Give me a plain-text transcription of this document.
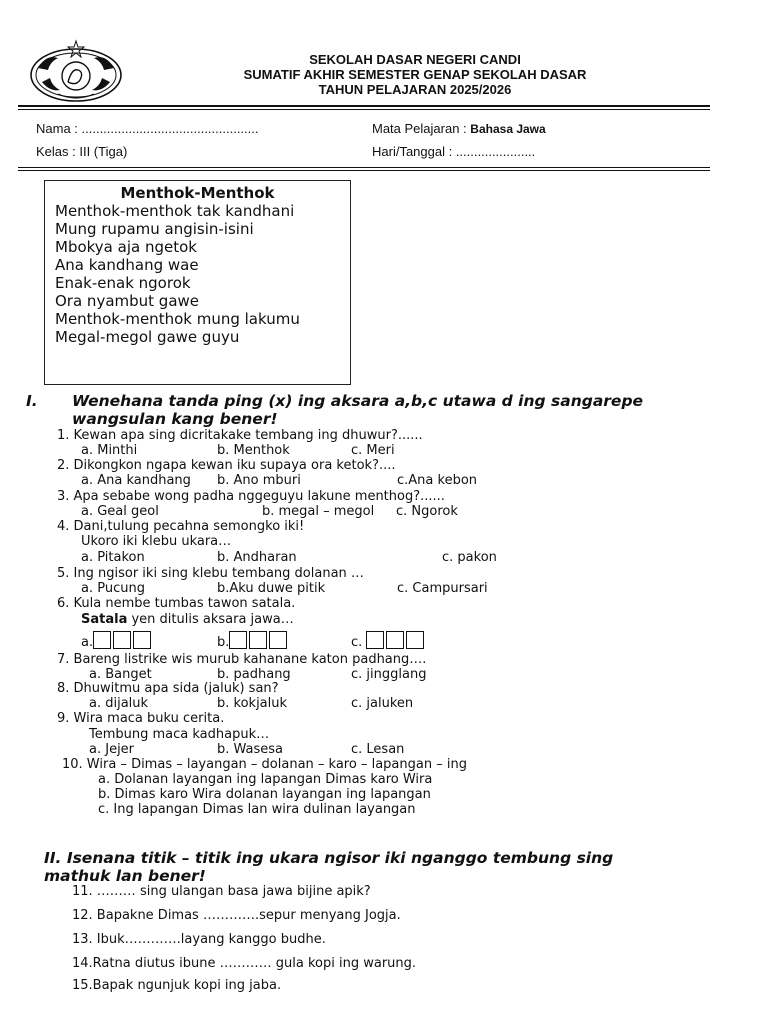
SEKOLAH DASAR NEGERI CANDI
SUMATIF AKHIR SEMESTER GENAP SEKOLAH DASAR
TAHUN PELAJARAN 2025/2026
Nama : .................................................
Kelas : III (Tiga)
Mata Pelajaran : Bahasa Jawa
Hari/Tanggal : ......................
Menthok-Menthok
Menthok-menthok tak kandhani
Mung rupamu angisin-isini
Mbokya aja ngetok
Ana kandhang wae
Enak-enak ngorok
Ora nyambut gawe
Menthok-menthok mung lakumu
Megal-megol gawe guyu
I. Wenehana tanda ping (x) ing aksara a,b,c utawa d ing sangarepe
wangsulan kang bener!
1. Kewan apa sing dicritakake tembang ing dhuwur?......
a. Minthi	b. Menthok	c. Meri
2. Dikongkon ngapa kewan iku supaya ora ketok?....
a. Ana kandhang b. Ano mburi	c.Ana kebon
3. Apa sebabe wong padha nggeguyu lakune menthog?......
a. Geal geol	b. megal – megol c. Ngorok
4. Dani,tulung pecahna semongko iki!
Ukoro iki klebu ukara…
a. Pitakon	b. Andharan	c. pakon
5. Ing ngisor iki sing klebu tembang dolanan …
a. Pucung	b.Aku duwe pitik	c. Campursari
6. Kula nembe tumbas tawon satala.
Satala yen ditulis aksara jawa…
a.	b.	c.
7. Bareng listrike wis murub kahanane katon padhang….
a. Banget	b. padhang	c. jingglang
8. Dhuwitmu apa sida (jaluk) san?
a. dijaluk	b. kokjaluk	c. jaluken
9. Wira maca buku cerita.
Tembung maca kadhapuk…
a. Jejer	b. Wasesa	c. Lesan
10. Wira – Dimas – layangan – dolanan – karo – lapangan – ing
a. Dolanan layangan ing lapangan Dimas karo Wira
b. Dimas karo Wira dolanan layangan ing lapangan
c. Ing lapangan Dimas lan wira dulinan layangan
II. Isenana titik – titik ing ukara ngisor iki nganggo tembung sing
mathuk lan bener!
11. ……… sing ulangan basa jawa bijine apik?
12. Bapakne Dimas ………….sepur menyang Jogja.
13. Ibuk………….layang kanggo budhe.
14.Ratna diutus ibune ………… gula kopi ing warung.
15.Bapak ngunjuk kopi ing jaba.
